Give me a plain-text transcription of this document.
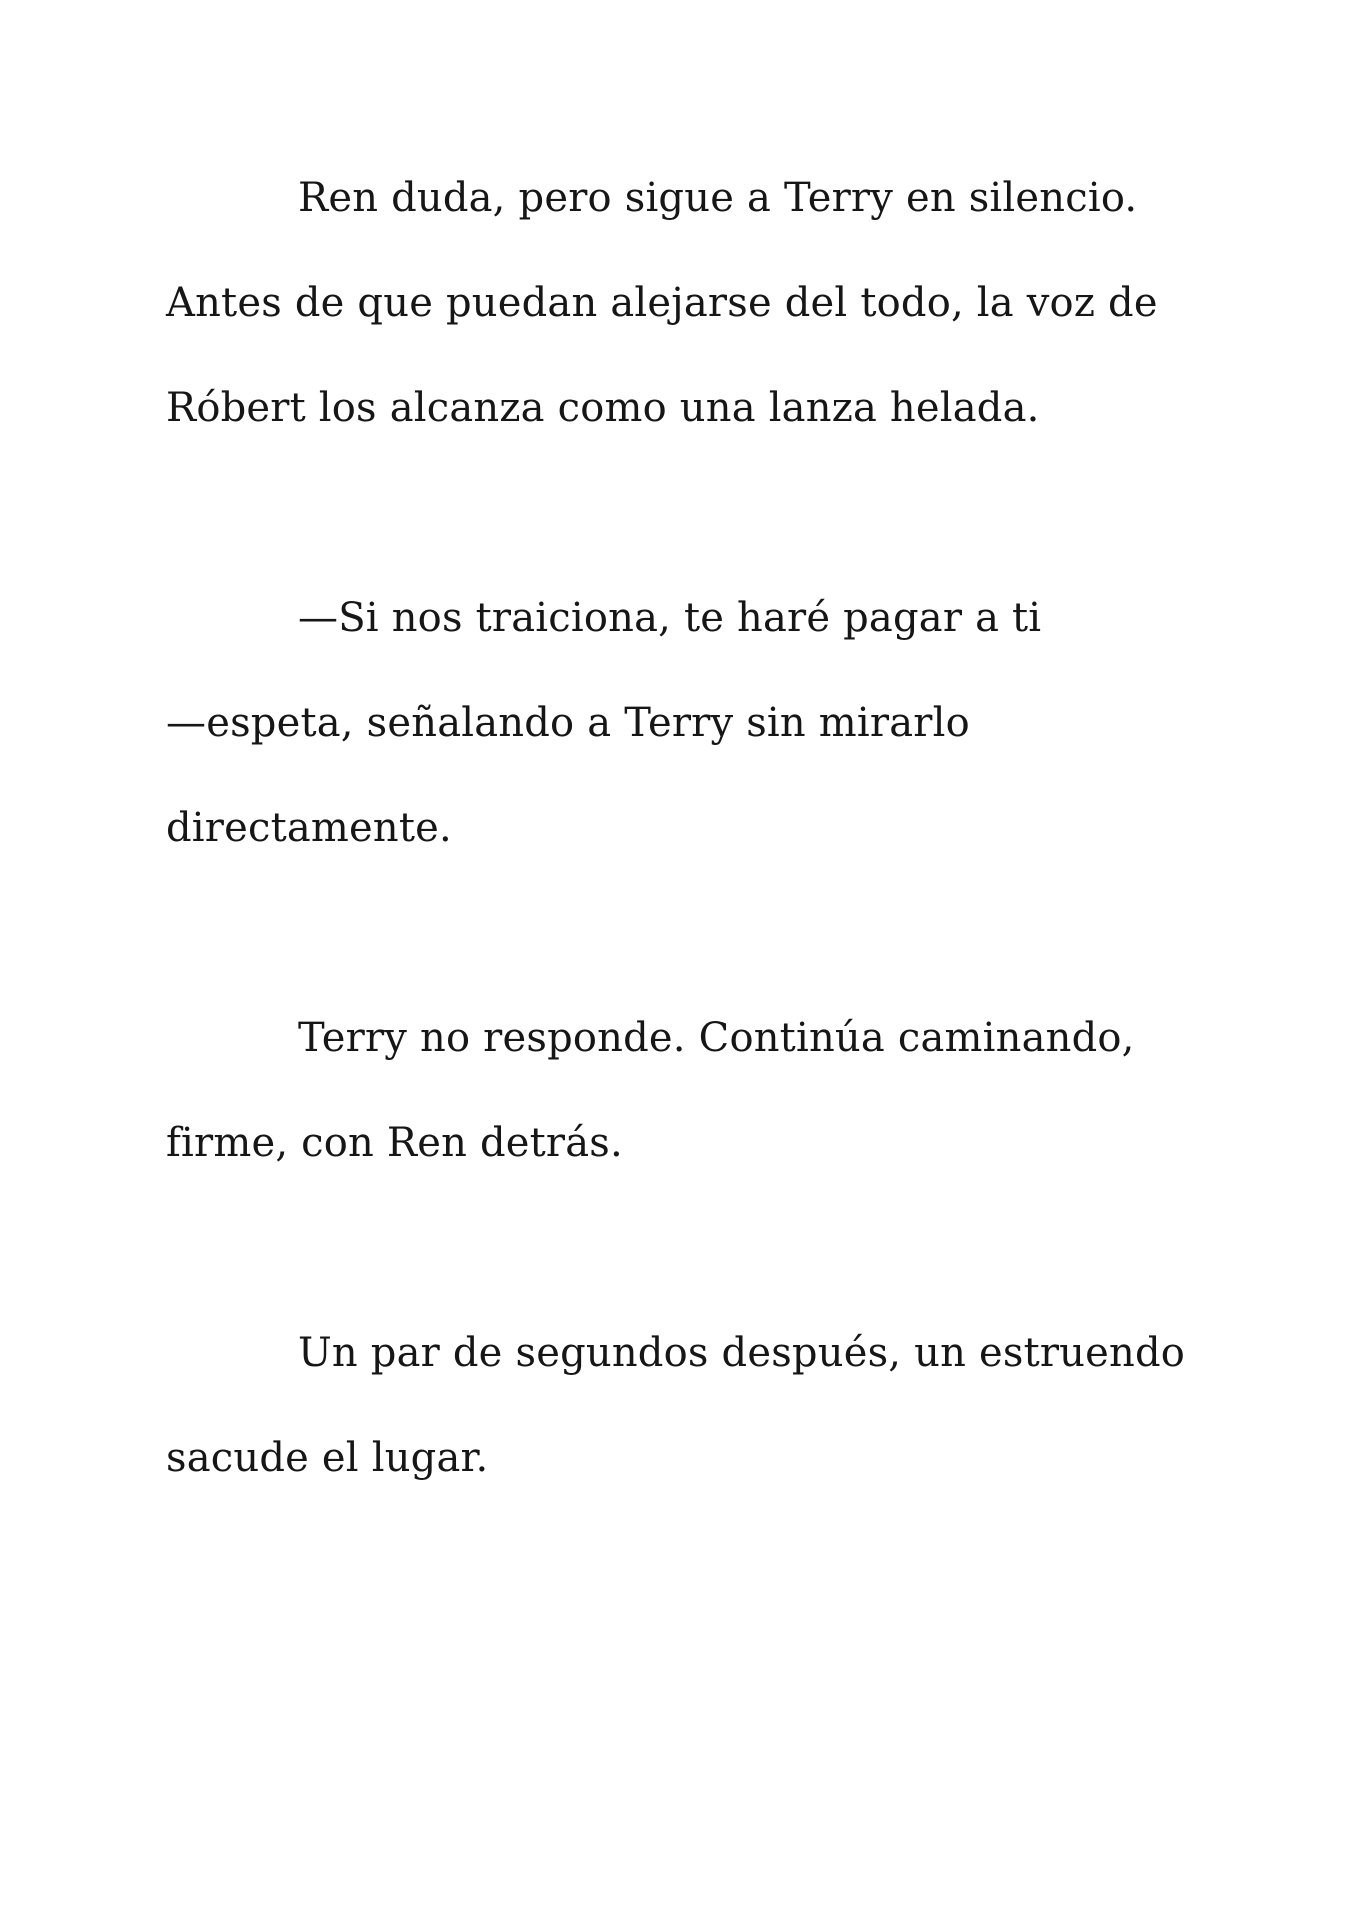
Ren duda, pero sigue a Terry en silencio.
Antes de que puedan alejarse del todo, la voz de
Róbert los alcanza como una lanza helada.
—Si nos traiciona, te haré pagar a ti
—espeta, señalando a Terry sin mirarlo
directamente.
Terry no responde. Continúa caminando,
firme, con Ren detrás.
Un par de segundos después, un estruendo
sacude el lugar.
